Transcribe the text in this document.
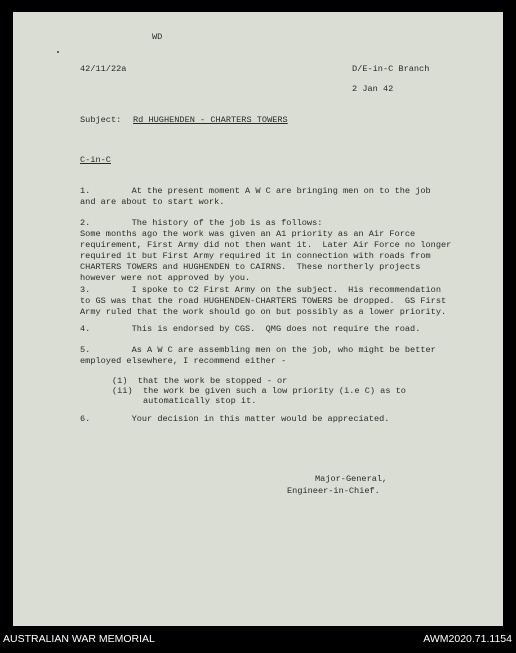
WD
42/11/22a	D/E-in-C Branch
2 Jan 42
Subject: Rd HUGHENDEN - CHARTERS TOWERS
C-in-C
1.        At the present moment A W C are bringing men on to the job
and are about to start work.
2.        The history of the job is as follows:
Some months ago the work was given an A1 priority as an Air Force
requirement, First Army did not then want it.  Later Air Force no longer
required it but First Army required it in connection with roads from
CHARTERS TOWERS and HUGHENDEN to CAIRNS.  These northerly projects
however were not approved by you.
3.        I spoke to C2 First Army on the subject.  His recommendation
to GS was that the road HUGHENDEN-CHARTERS TOWERS be dropped.  GS First
Army ruled that the work should go on but possibly as a lower priority.
4.        This is endorsed by CGS.  QMG does not require the road.
5.        As A W C are assembling men on the job, who might be better
employed elsewhere, I recommend either -
(1)  that the work be stopped - or
(ii)  the work be given such a low priority (i.e C) as to
automatically stop it.
6.        Your decision in this matter would be appreciated.
Major-General,
Engineer-in-Chief.
AUSTRALIAN WAR MEMORIAL	AWM2020.71.1154
